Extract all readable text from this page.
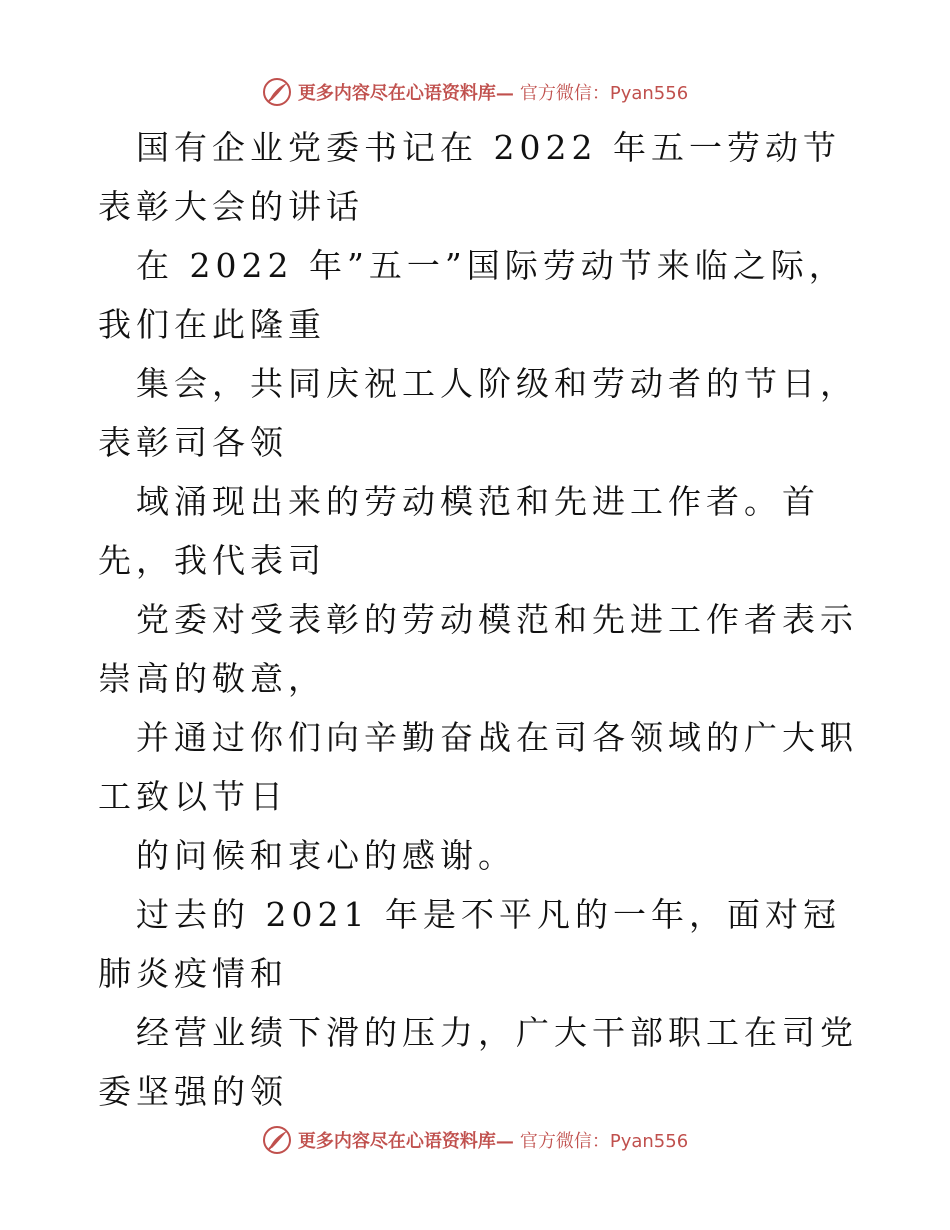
更多内容尽在心语资料库— 官方微信：Pyan556

国有企业党委书记在 2022 年五一劳动节表彰大会的讲话

在 2022 年”五一”国际劳动节来临之际，我们在此隆重

集会，共同庆祝工人阶级和劳动者的节日，表彰司各领

域涌现出来的劳动模范和先进工作者。首先，我代表司

党委对受表彰的劳动模范和先进工作者表示崇高的敬意，

并通过你们向辛勤奋战在司各领域的广大职工致以节日

的问候和衷心的感谢。

过去的 2021 年是不平凡的一年，面对冠肺炎疫情和

经营业绩下滑的压力，广大干部职工在司党委坚强的领

更多内容尽在心语资料库— 官方微信：Pyan556
